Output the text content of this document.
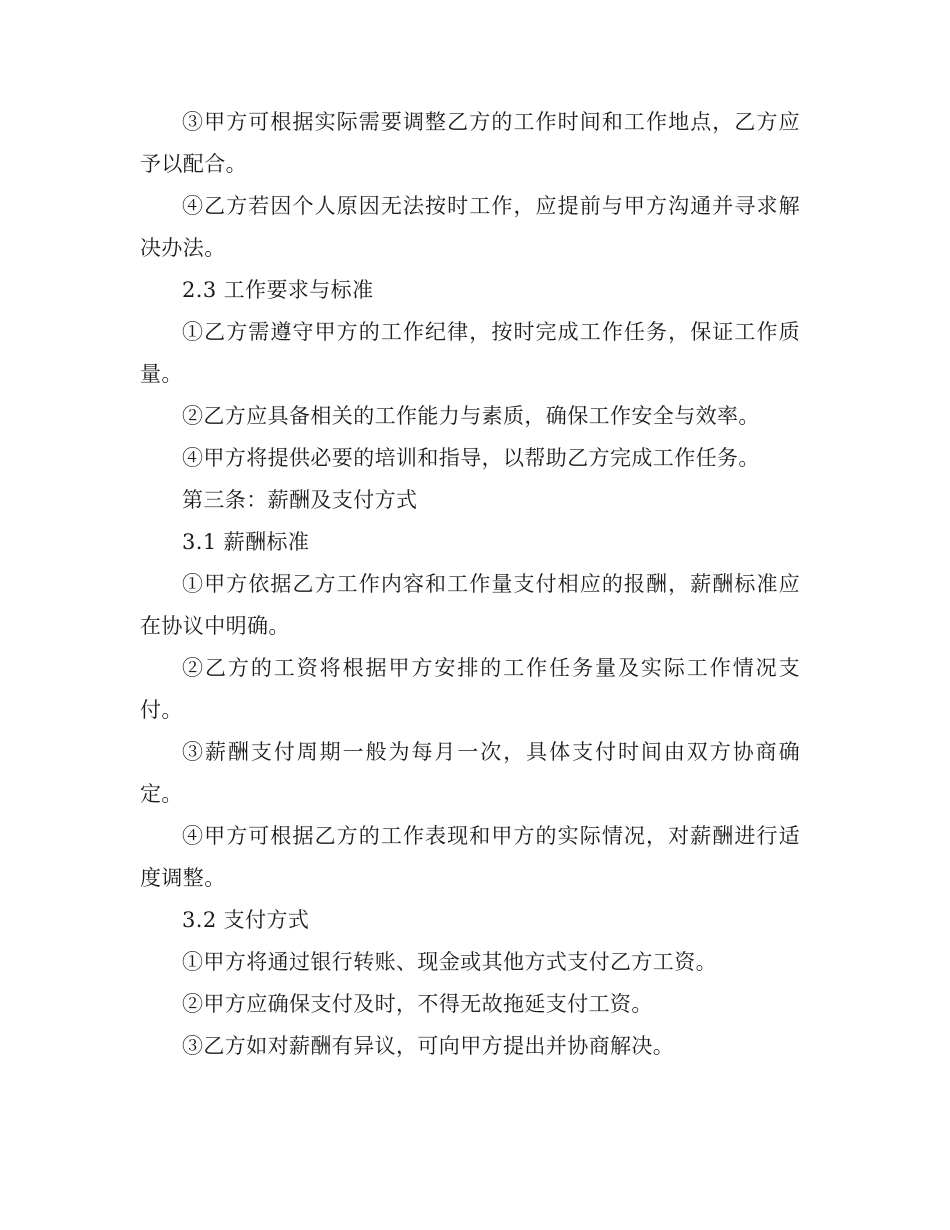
③甲方可根据实际需要调整乙方的工作时间和工作地点，乙方应予以配合。

④乙方若因个人原因无法按时工作，应提前与甲方沟通并寻求解决办法。

2.3 工作要求与标准

①乙方需遵守甲方的工作纪律，按时完成工作任务，保证工作质量。

②乙方应具备相关的工作能力与素质，确保工作安全与效率。

④甲方将提供必要的培训和指导，以帮助乙方完成工作任务。

第三条：薪酬及支付方式

3.1 薪酬标准

①甲方依据乙方工作内容和工作量支付相应的报酬，薪酬标准应在协议中明确。

②乙方的工资将根据甲方安排的工作任务量及实际工作情况支付。

③薪酬支付周期一般为每月一次，具体支付时间由双方协商确定。

④甲方可根据乙方的工作表现和甲方的实际情况，对薪酬进行适度调整。

3.2 支付方式

①甲方将通过银行转账、现金或其他方式支付乙方工资。

②甲方应确保支付及时，不得无故拖延支付工资。

③乙方如对薪酬有异议，可向甲方提出并协商解决。
